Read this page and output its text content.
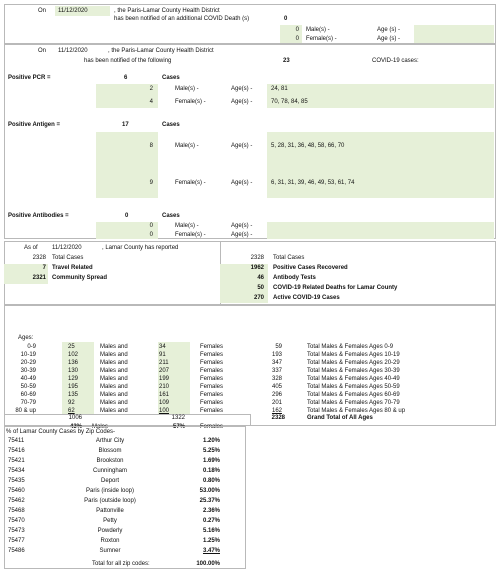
On 11/12/2020	, the Paris-Lamar County Health District
has been notified of an additional COVID Death (s)	0
0 Male(s) -	Age (s) -
0 Female(s) -	Age (s) -
On 11/12/2020	, the Paris-Lamar County Health District
has been notified of the following	23	COVID-19 cases:
Positive PCR =	6	Cases
2	Male(s) -	Age(s) -	24, 81
4	Female(s) -	Age(s) -	70, 78, 84, 85
Positive Antigen =	17	Cases
8	Male(s) -	Age(s) -	5, 28, 31, 36, 48, 58, 66, 70
9	Female(s) -	Age(s) -	6, 31, 31, 39, 46, 49, 53, 61, 74
Positive Antibodies =	0	Cases
0	Male(s) -	Age(s) -
0	Female(s) -	Age(s) -
As of 11/12/2020	, Lamar County has reported
Ages:
1006	1322	2328	Grand Total of All Ages
43% Males	57%	Females
% of Lamar County Cases by Zip Codes-
Total for all zip codes:	100.00%
2328 Total Cases
7 Travel Related
2321 Community Spread
2328 Total Cases
1962 Positive Cases Recovered
46 Antibody Tests
50 COVID-19 Related Deaths for Lamar County
270 Active COVID-19 Cases
0-9	25	Males and	34	Females	59	Total Males & Females Ages 0-9
10-19	102	Males and	91	Females	193	Total Males & Females Ages 10-19
20-29	136	Males and	211	Females	347	Total Males & Females Ages 20-29
30-39	130	Males and	207	Females	337	Total Males & Females Ages 30-39
40-49	129	Males and	199	Females	328	Total Males & Females Ages 40-49
50-59	195	Males and	210	Females	405	Total Males & Females Ages 50-59
60-69	135	Males and	161	Females	296	Total Males & Females Ages 60-69
70-79	92	Males and	109	Females	201	Total Males & Females Ages 70-79
80 & up	62	Males and	100	Females	162	Total Males & Females Ages 80 & up
75411	Arthur City	1.20%
75416	Blossom	5.25%
75421	Brookston	1.69%
75434	Cunningham	0.18%
75435	Deport	0.80%
75460	Paris (inside loop)	53.00%
75462	Paris (outside loop)	25.37%
75468	Pattonville	2.36%
75470	Petty	0.27%
75473	Powderly	5.16%
75477	Roxton	1.25%
75486	Sumner	3.47%
